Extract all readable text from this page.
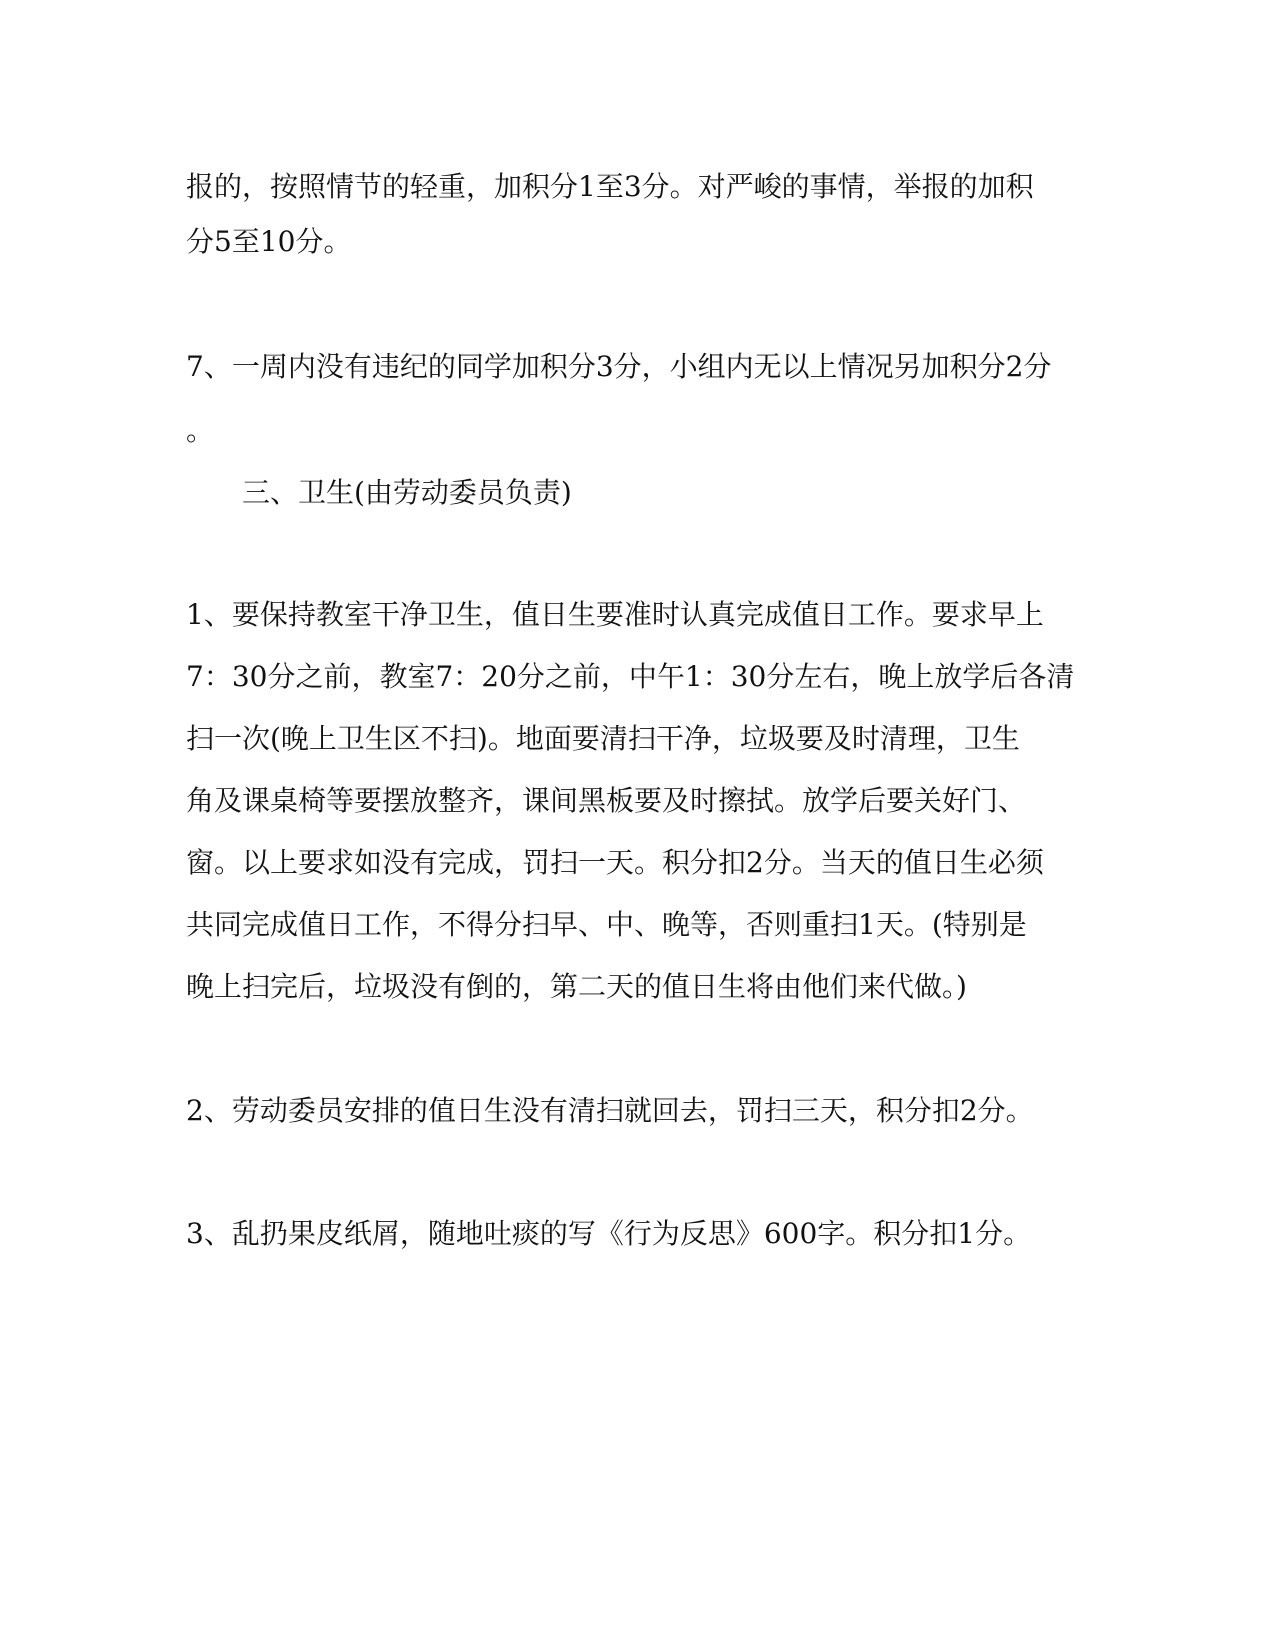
报的，按照情节的轻重，加积分1至3分。对严峻的事情，举报的加积
分5至10分。
7、一周内没有违纪的同学加积分3分，小组内无以上情况另加积分2分
。
三、卫生(由劳动委员负责)
1、要保持教室干净卫生，值日生要准时认真完成值日工作。要求早上
7：30分之前，教室7：20分之前，中午1：30分左右，晚上放学后各清
扫一次(晚上卫生区不扫)。地面要清扫干净，垃圾要及时清理，卫生
角及课桌椅等要摆放整齐，课间黑板要及时擦拭。放学后要关好门、
窗。以上要求如没有完成，罚扫一天。积分扣2分。当天的值日生必须
共同完成值日工作，不得分扫早、中、晚等，否则重扫1天。(特别是
晚上扫完后，垃圾没有倒的，第二天的值日生将由他们来代做。)
2、劳动委员安排的值日生没有清扫就回去，罚扫三天，积分扣2分。
3、乱扔果皮纸屑，随地吐痰的写《行为反思》600字。积分扣1分。
